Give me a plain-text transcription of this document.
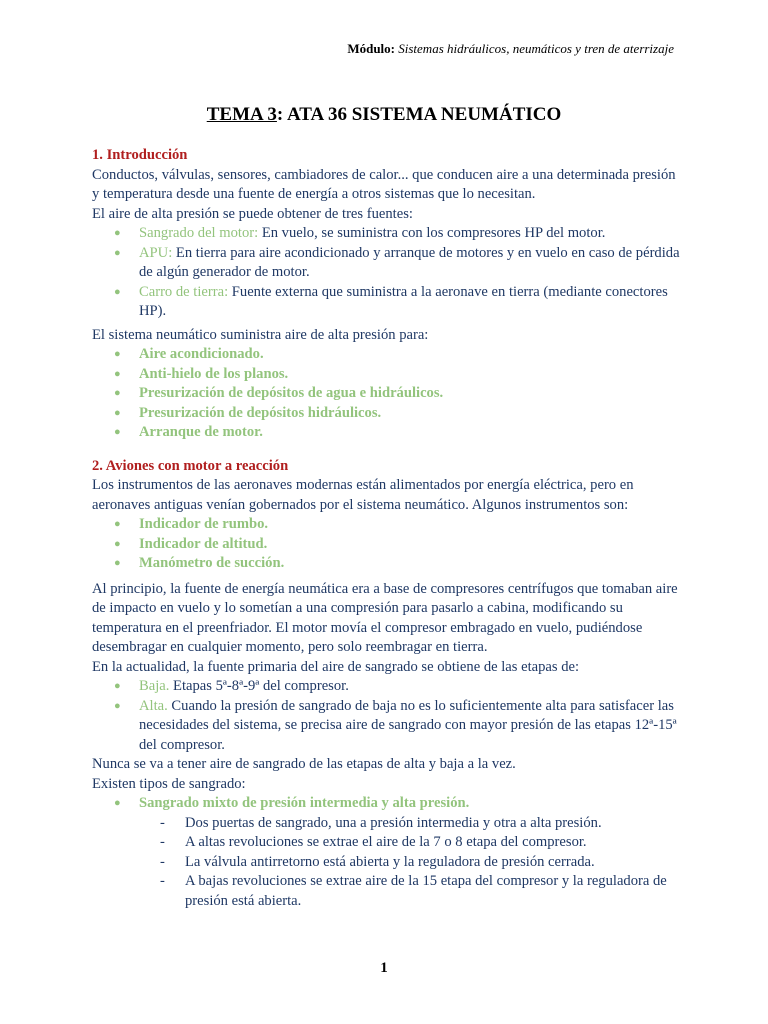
Módulo: Sistemas hidráulicos, neumáticos y tren de aterrizaje
TEMA 3: ATA 36 SISTEMA NEUMÁTICO
1. Introducción

Conductos, válvulas, sensores, cambiadores de calor... que conducen aire a una determinada presión y temperatura desde una fuente de energía a otros sistemas que lo necesitan.

El aire de alta presión se puede obtener de tres fuentes:

● Sangrado del motor: En vuelo, se suministra con los compresores HP del motor.
● APU: En tierra para aire acondicionado y arranque de motores y en vuelo en caso de pérdida de algún generador de motor.
● Carro de tierra: Fuente externa que suministra a la aeronave en tierra (mediante conectores HP).

El sistema neumático suministra aire de alta presión para:

● Aire acondicionado.
● Anti-hielo de los planos.
● Presurización de depósitos de agua e hidráulicos.
● Presurización de depósitos hidráulicos.
● Arranque de motor.
2. Aviones con motor a reacción

Los instrumentos de las aeronaves modernas están alimentados por energía eléctrica, pero en aeronaves antiguas venían gobernados por el sistema neumático. Algunos instrumentos son:

● Indicador de rumbo.
● Indicador de altitud.
● Manómetro de succión.

Al principio, la fuente de energía neumática era a base de compresores centrífugos que tomaban aire de impacto en vuelo y lo sometían a una compresión para pasarlo a cabina, modificando su temperatura en el preenfriador. El motor movía el compresor embragado en vuelo, pudiéndose desembragar en cualquier momento, pero solo reembragar en tierra.

En la actualidad, la fuente primaria del aire de sangrado se obtiene de las etapas de:

● Baja. Etapas 5ª-8ª-9ª del compresor.
● Alta. Cuando la presión de sangrado de baja no es lo suficientemente alta para satisfacer las necesidades del sistema, se precisa aire de sangrado con mayor presión de las etapas 12ª-15ª del compresor.

Nunca se va a tener aire de sangrado de las etapas de alta y baja a la vez.

Existen tipos de sangrado:

● Sangrado mixto de presión intermedia y alta presión.
- Dos puertas de sangrado, una a presión intermedia y otra a alta presión.
- A altas revoluciones se extrae el aire de la 7 o 8 etapa del compresor.
- La válvula antirretorno está abierta y la reguladora de presión cerrada.
- A bajas revoluciones se extrae aire de la 15 etapa del compresor y la reguladora de presión está abierta.
1
